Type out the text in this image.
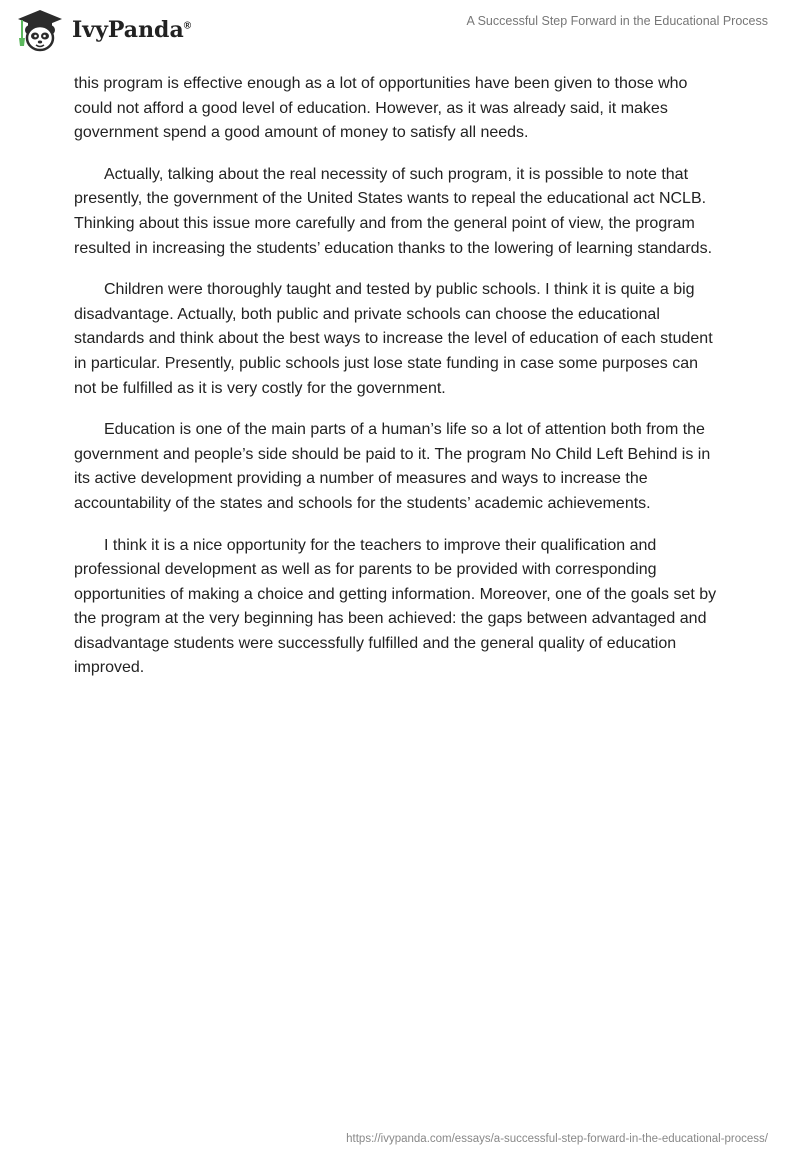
IvyPanda®	A Successful Step Forward in the Educational Process

this program is effective enough as a lot of opportunities have been given to those who could not afford a good level of education. However, as it was already said, it makes government spend a good amount of money to satisfy all needs.

Actually, talking about the real necessity of such program, it is possible to note that presently, the government of the United States wants to repeal the educational act NCLB. Thinking about this issue more carefully and from the general point of view, the program resulted in increasing the students’ education thanks to the lowering of learning standards.

Children were thoroughly taught and tested by public schools. I think it is quite a big disadvantage. Actually, both public and private schools can choose the educational standards and think about the best ways to increase the level of education of each student in particular. Presently, public schools just lose state funding in case some purposes can not be fulfilled as it is very costly for the government.

Education is one of the main parts of a human’s life so a lot of attention both from the government and people’s side should be paid to it. The program No Child Left Behind is in its active development providing a number of measures and ways to increase the accountability of the states and schools for the students’ academic achievements.

I think it is a nice opportunity for the teachers to improve their qualification and professional development as well as for parents to be provided with corresponding opportunities of making a choice and getting information. Moreover, one of the goals set by the program at the very beginning has been achieved: the gaps between advantaged and disadvantage students were successfully fulfilled and the general quality of education improved.

https://ivypanda.com/essays/a-successful-step-forward-in-the-educational-process/
